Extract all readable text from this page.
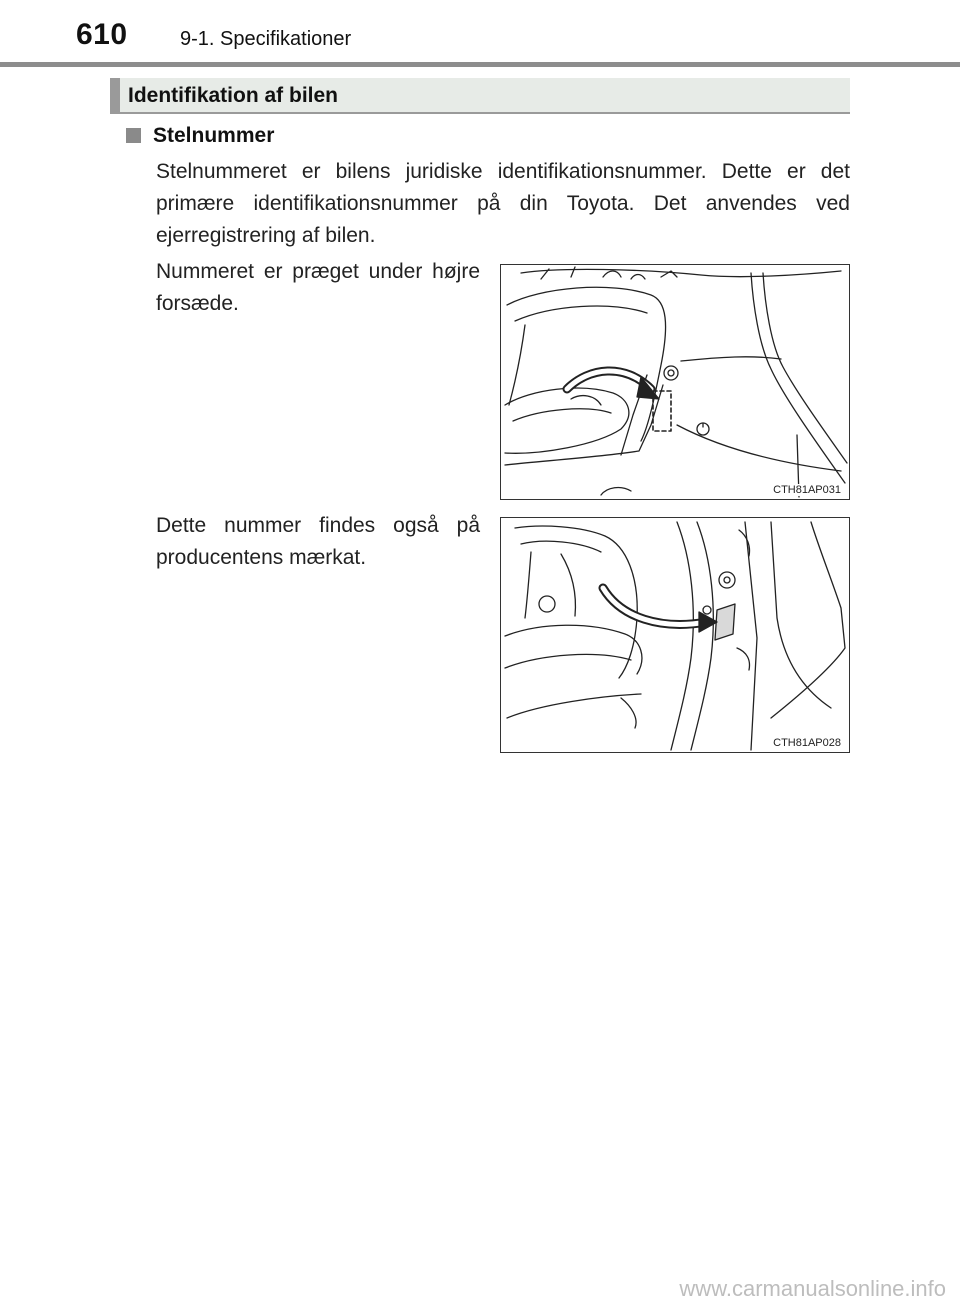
610	9-1. Specifikationer
Identifikation af bilen
Stelnummer
Stelnummeret er bilens juridiske identifikationsnummer. Dette er det primære identifikationsnummer på din Toyota. Det anvendes ved ejerregistrering af bilen.
Nummeret er præget under højre forsæde.
CTH81AP031
Dette nummer findes også på producentens mærkat.
CTH81AP028
www.carmanualsonline.info
